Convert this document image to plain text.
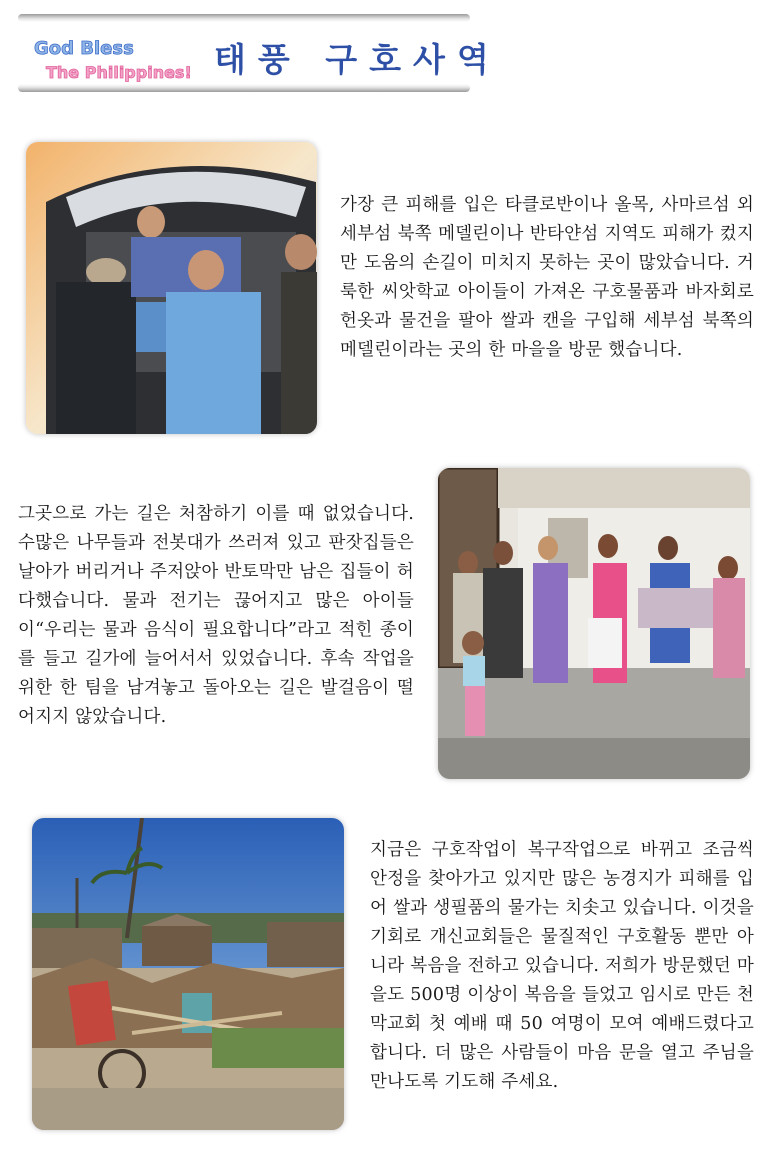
God Bless
The Philippines!! 태풍 구호사역

가장 큰 피해를 입은 타클로반이나 올목, 사마르섬 외 세부섬 북쪽 메델린이나 반타얀섬 지역도 피해가 컸지만 도움의 손길이 미치지 못하는 곳이 많았습니다. 거룩한 씨앗학교 아이들이 가져온 구호물품과 바자회로 헌옷과 물건을 팔아 쌀과 캔을 구입해 세부섬 북쪽의 메델린이라는 곳의 한 마을을 방문 했습니다.

그곳으로 가는 길은 처참하기 이를 때 없었습니다. 수많은 나무들과 전봇대가 쓰러져 있고 판잣집들은 날아가 버리거나 주저앉아 반토막만 남은 집들이 허다했습니다. 물과 전기는 끊어지고 많은 아이들이“우리는 물과 음식이 필요합니다”라고 적힌 종이를 들고 길가에 늘어서서 있었습니다. 후속 작업을 위한 한 팀을 남겨놓고 돌아오는 길은 발걸음이 떨어지지 않았습니다.

지금은 구호작업이 복구작업으로 바뀌고 조금씩 안정을 찾아가고 있지만 많은 농경지가 피해를 입어 쌀과 생필품의 물가는 치솟고 있습니다. 이것을 기회로 개신교회들은 물질적인 구호활동 뿐만 아니라 복음을 전하고 있습니다. 저희가 방문했던 마을도 500명 이상이 복음을 들었고 임시로 만든 천막교회 첫 예배 때 50 여명이 모여 예배드렸다고 합니다. 더 많은 사람들이 마음 문을 열고 주님을 만나도록 기도해 주세요.
